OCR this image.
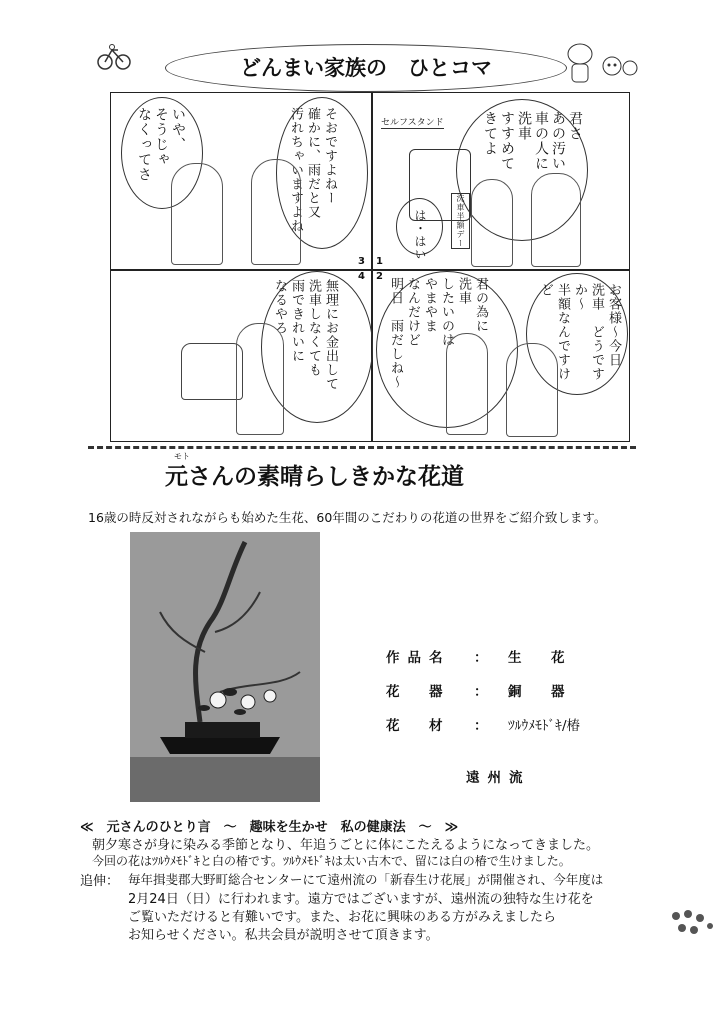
どんまい家族の　ひとコマ
君さ
あの汚い
車の人に
洗車
すすめて
きてよ
セルフスタンド
は・はい	洗車半額デー
そおですよねー
確かに、雨だと又
汚れちゃいますよね
いや、
そうじゃ
なくってさ
3
4
1
2
お客様～今日
洗車　どうですか～
半額なんですけど
君の為に
洗車
したいのは
やまやま
なんだけど
明日　雨だしね～
無理にお金出して
洗車しなくても
雨できれいに
なるやろ
モト
元さんの素晴らしきかな花道
16歳の時反対されながらも始めた生花、60年間のこだわりの花道の世界をご紹介致します。
作品名 ： 生　花
花　器 ： 銅　器
花　材 ： ﾂﾙｳﾒﾓﾄﾞｷ/椿
遠州流
≪　元さんのひとり言　～　趣味を生かせ　私の健康法　～　≫
朝夕寒さが身に染みる季節となり、年追うごとに体にこたえるようになってきました。
今回の花はﾂﾙｳﾒﾓﾄﾞｷと白の椿です。ﾂﾙｳﾒﾓﾄﾞｷは太い古木で、留には白の椿で生けました。
追伸： 毎年揖斐郡大野町総合センターにて遠州流の「新春生け花展」が開催され、今年度は
2月24日（日）に行われます。遠方ではございますが、遠州流の独特な生け花を
ご覧いただけると有難いです。また、お花に興味のある方がみえましたら
お知らせください。私共会員が説明させて頂きます。
